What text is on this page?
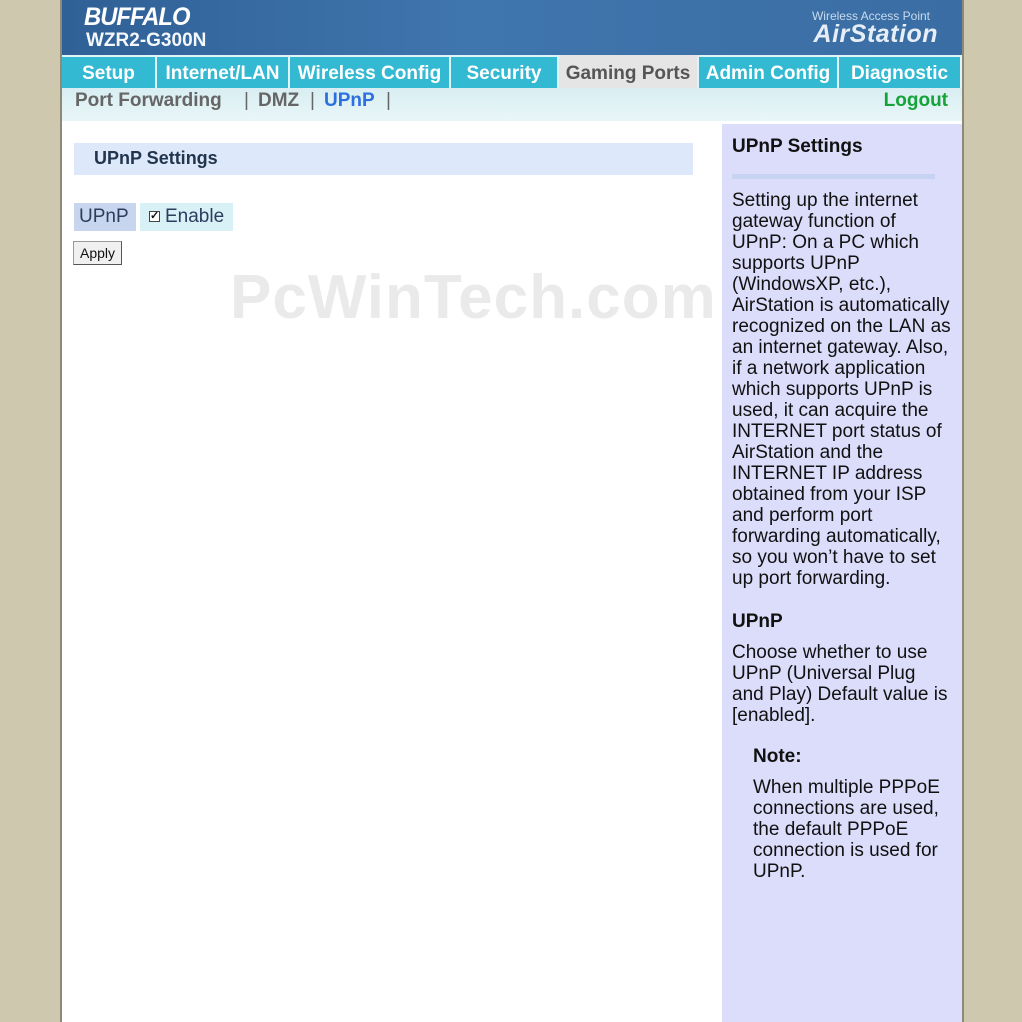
BUFFALO
WZR2-G300N
Wireless Access Point
AirStation
Setup	Internet/LAN Wireless Config	Security	Gaming Ports Admin Config	Diagnostic
Port Forwarding | DMZ | UPnP |	Logout
UPnP Settings
UPnP	✓ Enable
Apply
PcWinTech.com
UPnP Settings

Setting up the internet gateway function of UPnP: On a PC which supports UPnP (WindowsXP, etc.), AirStation is automatically recognized on the LAN as an internet gateway. Also, if a network application which supports UPnP is used, it can acquire the INTERNET port status of AirStation and the INTERNET IP address obtained from your ISP and perform port forwarding automatically, so you won’t have to set up port forwarding.

UPnP

Choose whether to use UPnP (Universal Plug and Play) Default value is [enabled].

Note:

When multiple PPPoE connections are used, the default PPPoE connection is used for UPnP.
